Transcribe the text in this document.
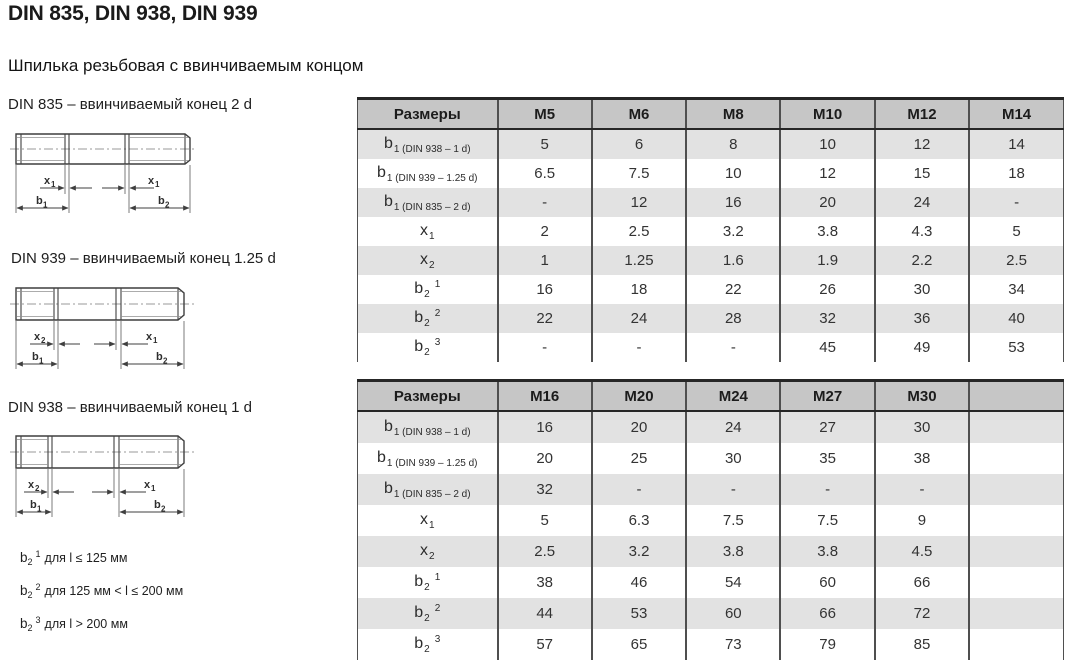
DIN 835, DIN 938, DIN 939
Шпилька резьбовая с ввинчиваемым концом
DIN 835 – ввинчиваемый конец 2 d
x 1	x 1
b 1	b 2
DIN 939 – ввинчиваемый конец 1.25 d
x 2	x 1
b 1	b 2
DIN 938 – ввинчиваемый конец 1 d
x 2	x 1
b 1	b 2
$b_2^1$ для l ≤ 125 мм
$b_2^2$ для 125 мм < l ≤ 200 мм
$b_2^3$ для l > 200 мм
Размеры	M5	M6	M8	M10	M12	M14
$b_{1 (DIN 938 - 1 d)}$	5	6	8	10	12	14
$b_{1 (DIN 939 - 1.25 d)}$	6.5	7.5	10	12	15	18
$b_{1 (DIN 835 - 2 d)}$	-	12	16	20	24	-
$x_1$	2	2.5	3.2	3.8	4.3	5
$x_2$	1	1.25	1.6	1.9	2.2	2.5
$b_2^1$	16	18	22	26	30	34
$b_2^2$	22	24	28	32	36	40
$b_2^3$	-	-	-	45	49	53
Размеры	M16	M20	M24	M27	M30	
$b_{1 (DIN 938 - 1 d)}$	16	20	24	27	30	
$b_{1 (DIN 939 - 1.25 d)}$	20	25	30	35	38	
$b_{1 (DIN 835 - 2 d)}$	32	-	-	-	-	
$x_1$	5	6.3	7.5	7.5	9	
$x_2$	2.5	3.2	3.8	3.8	4.5	
$b_2^1$	38	46	54	60	66	
$b_2^2$	44	53	60	66	72	
$b_2^3$	57	65	73	79	85	
